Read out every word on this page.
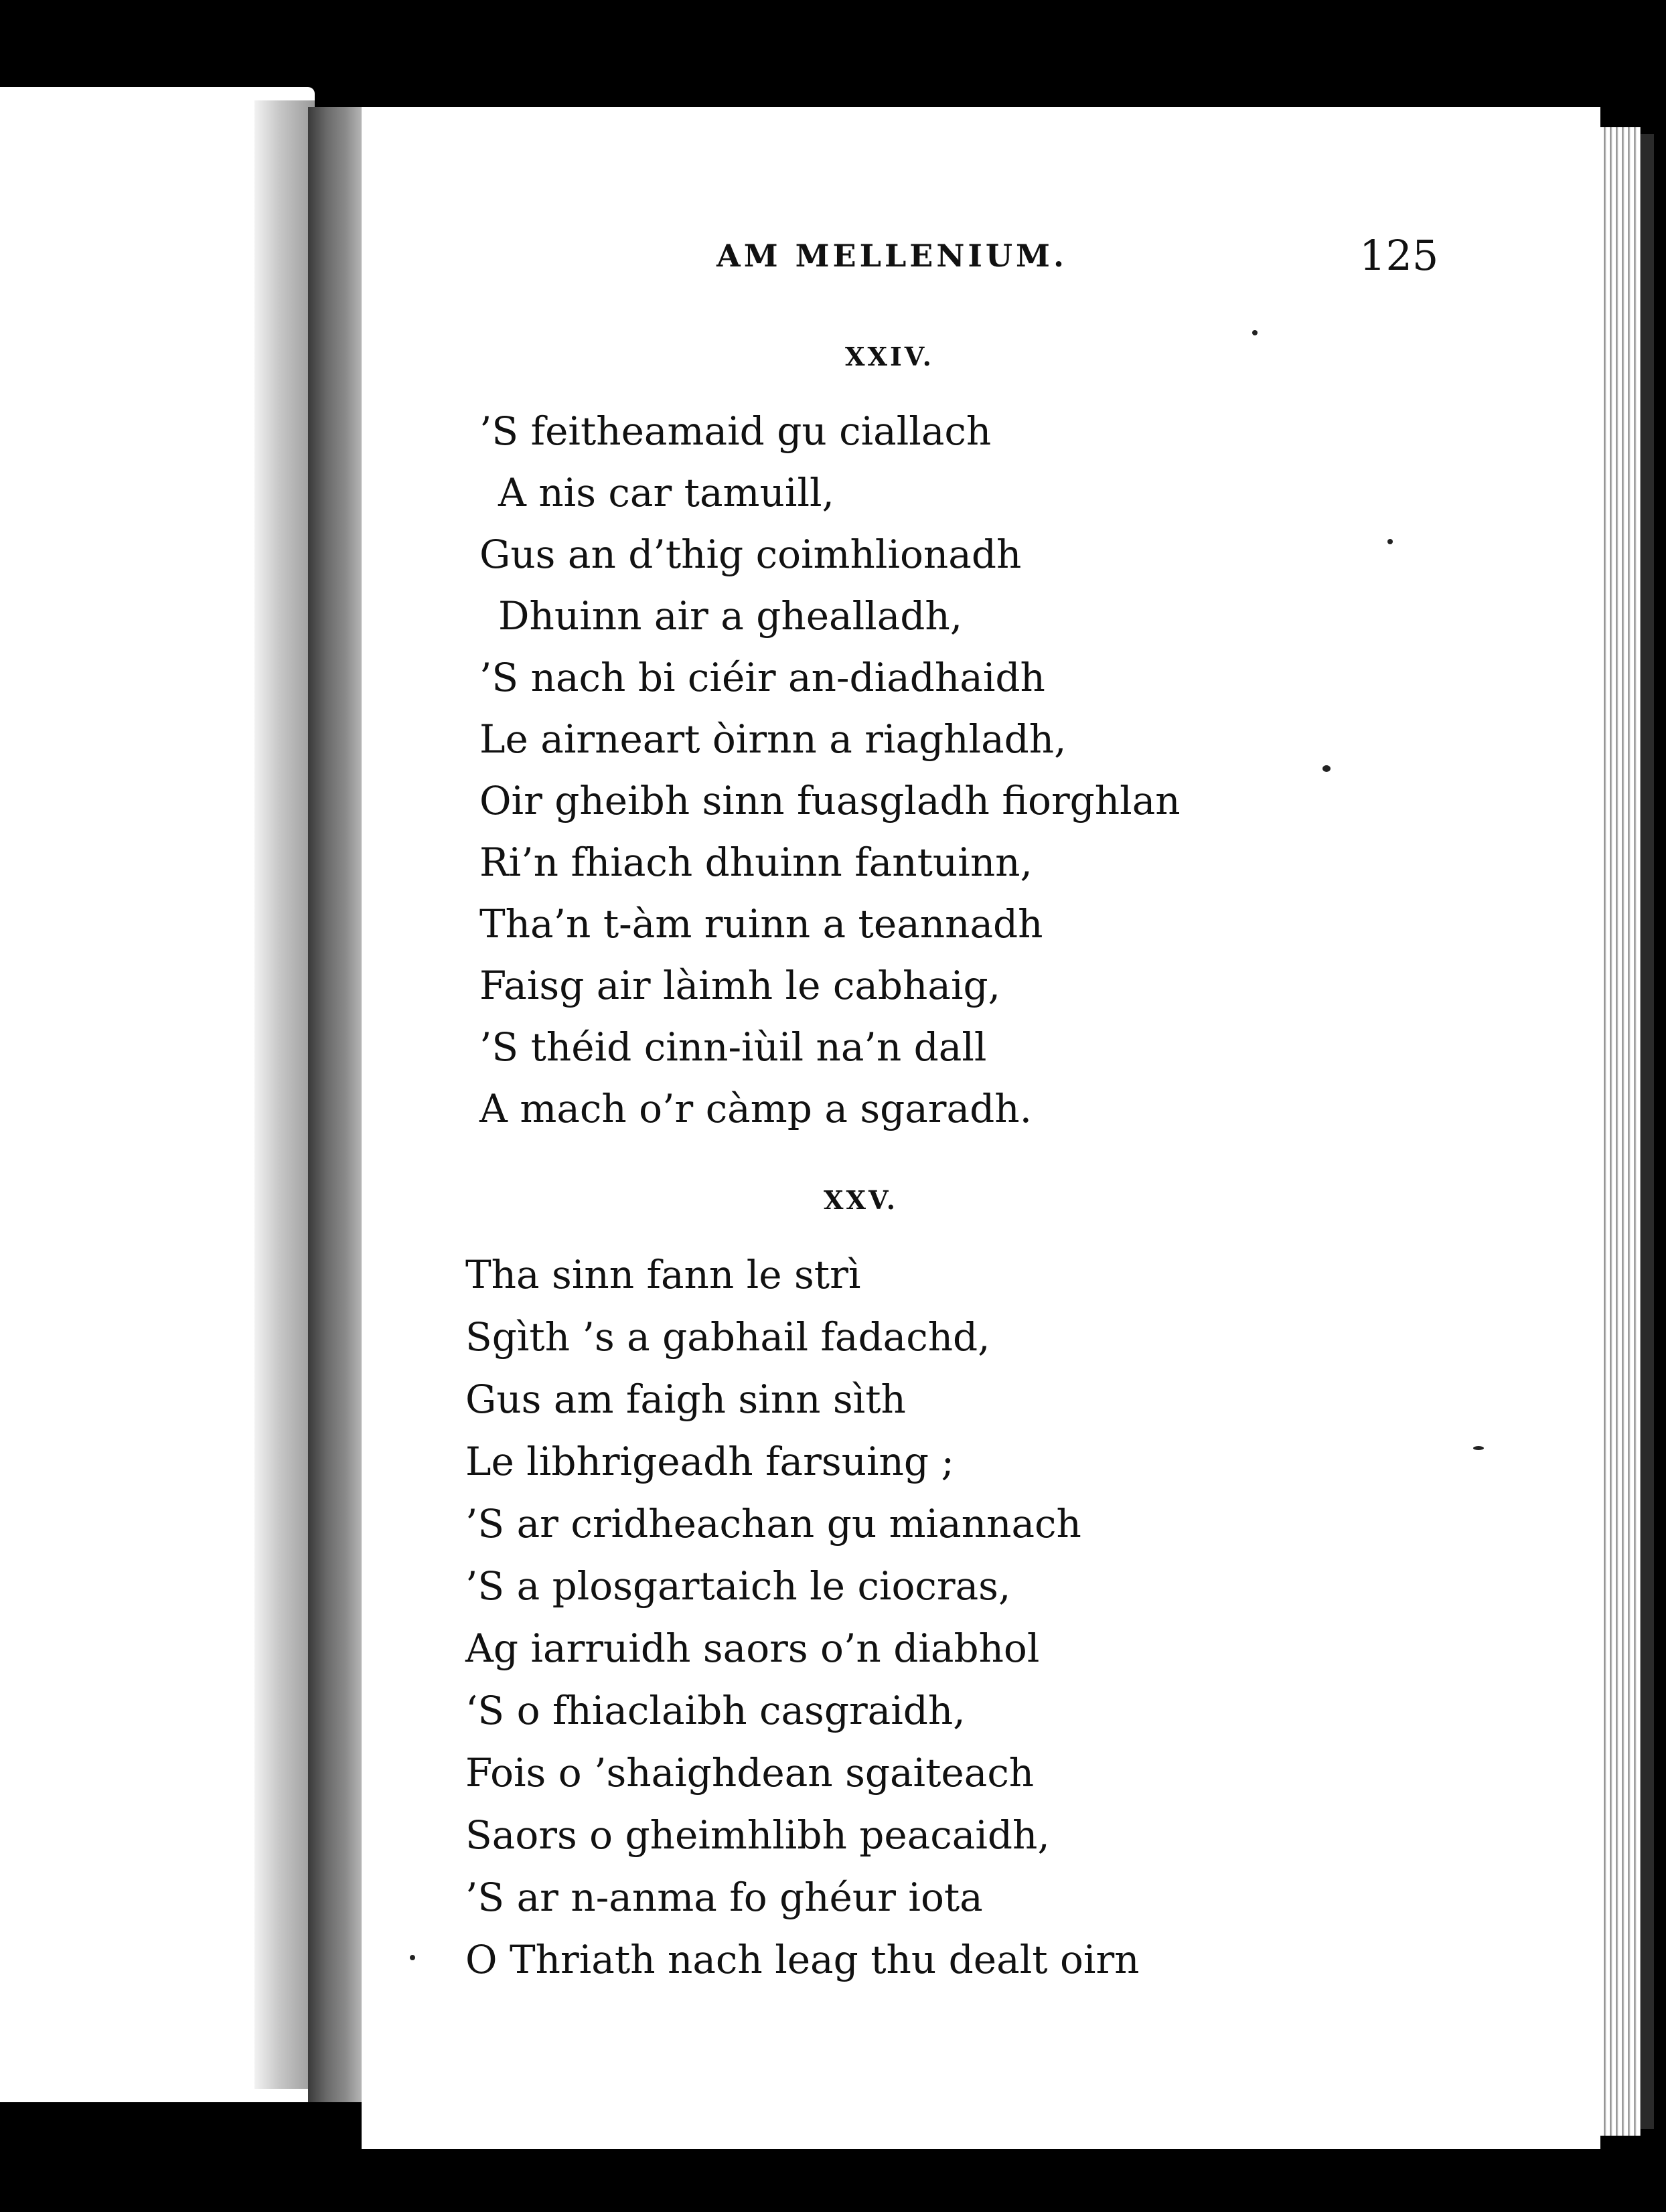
AM MELLENIUM.	125
XXIV.
’S feitheamaid gu ciallach
A nis car tamuill,
Gus an d’thig coimhlionadh
Dhuinn air a ghealladh,
’S nach bi ciéir an-diadhaidh
Le airneart òirnn a riaghladh,
Oir gheibh sinn fuasgladh fiorghlan
Ri’n fhiach dhuinn fantuinn,
Tha’n t-àm ruinn a teannadh
Faisg air làimh le cabhaig,
’S théid cinn-iùil na’n dall
A mach o’r càmp a sgaradh.
XXV.
Tha sinn fann le strì
Sgìth ’s a gabhail fadachd,
Gus am faigh sinn sìth
Le libhrigeadh farsuing ;
’S ar cridheachan gu miannach
’S a plosgartaich le ciocras,
Ag iarruidh saors o’n diabhol
‘S o fhiaclaibh casgraidh,
Fois o ’shaighdean sgaiteach
Saors o gheimhlibh peacaidh,
’S ar n-anma fo ghéur iota
O Thriath nach leag thu dealt oirn
